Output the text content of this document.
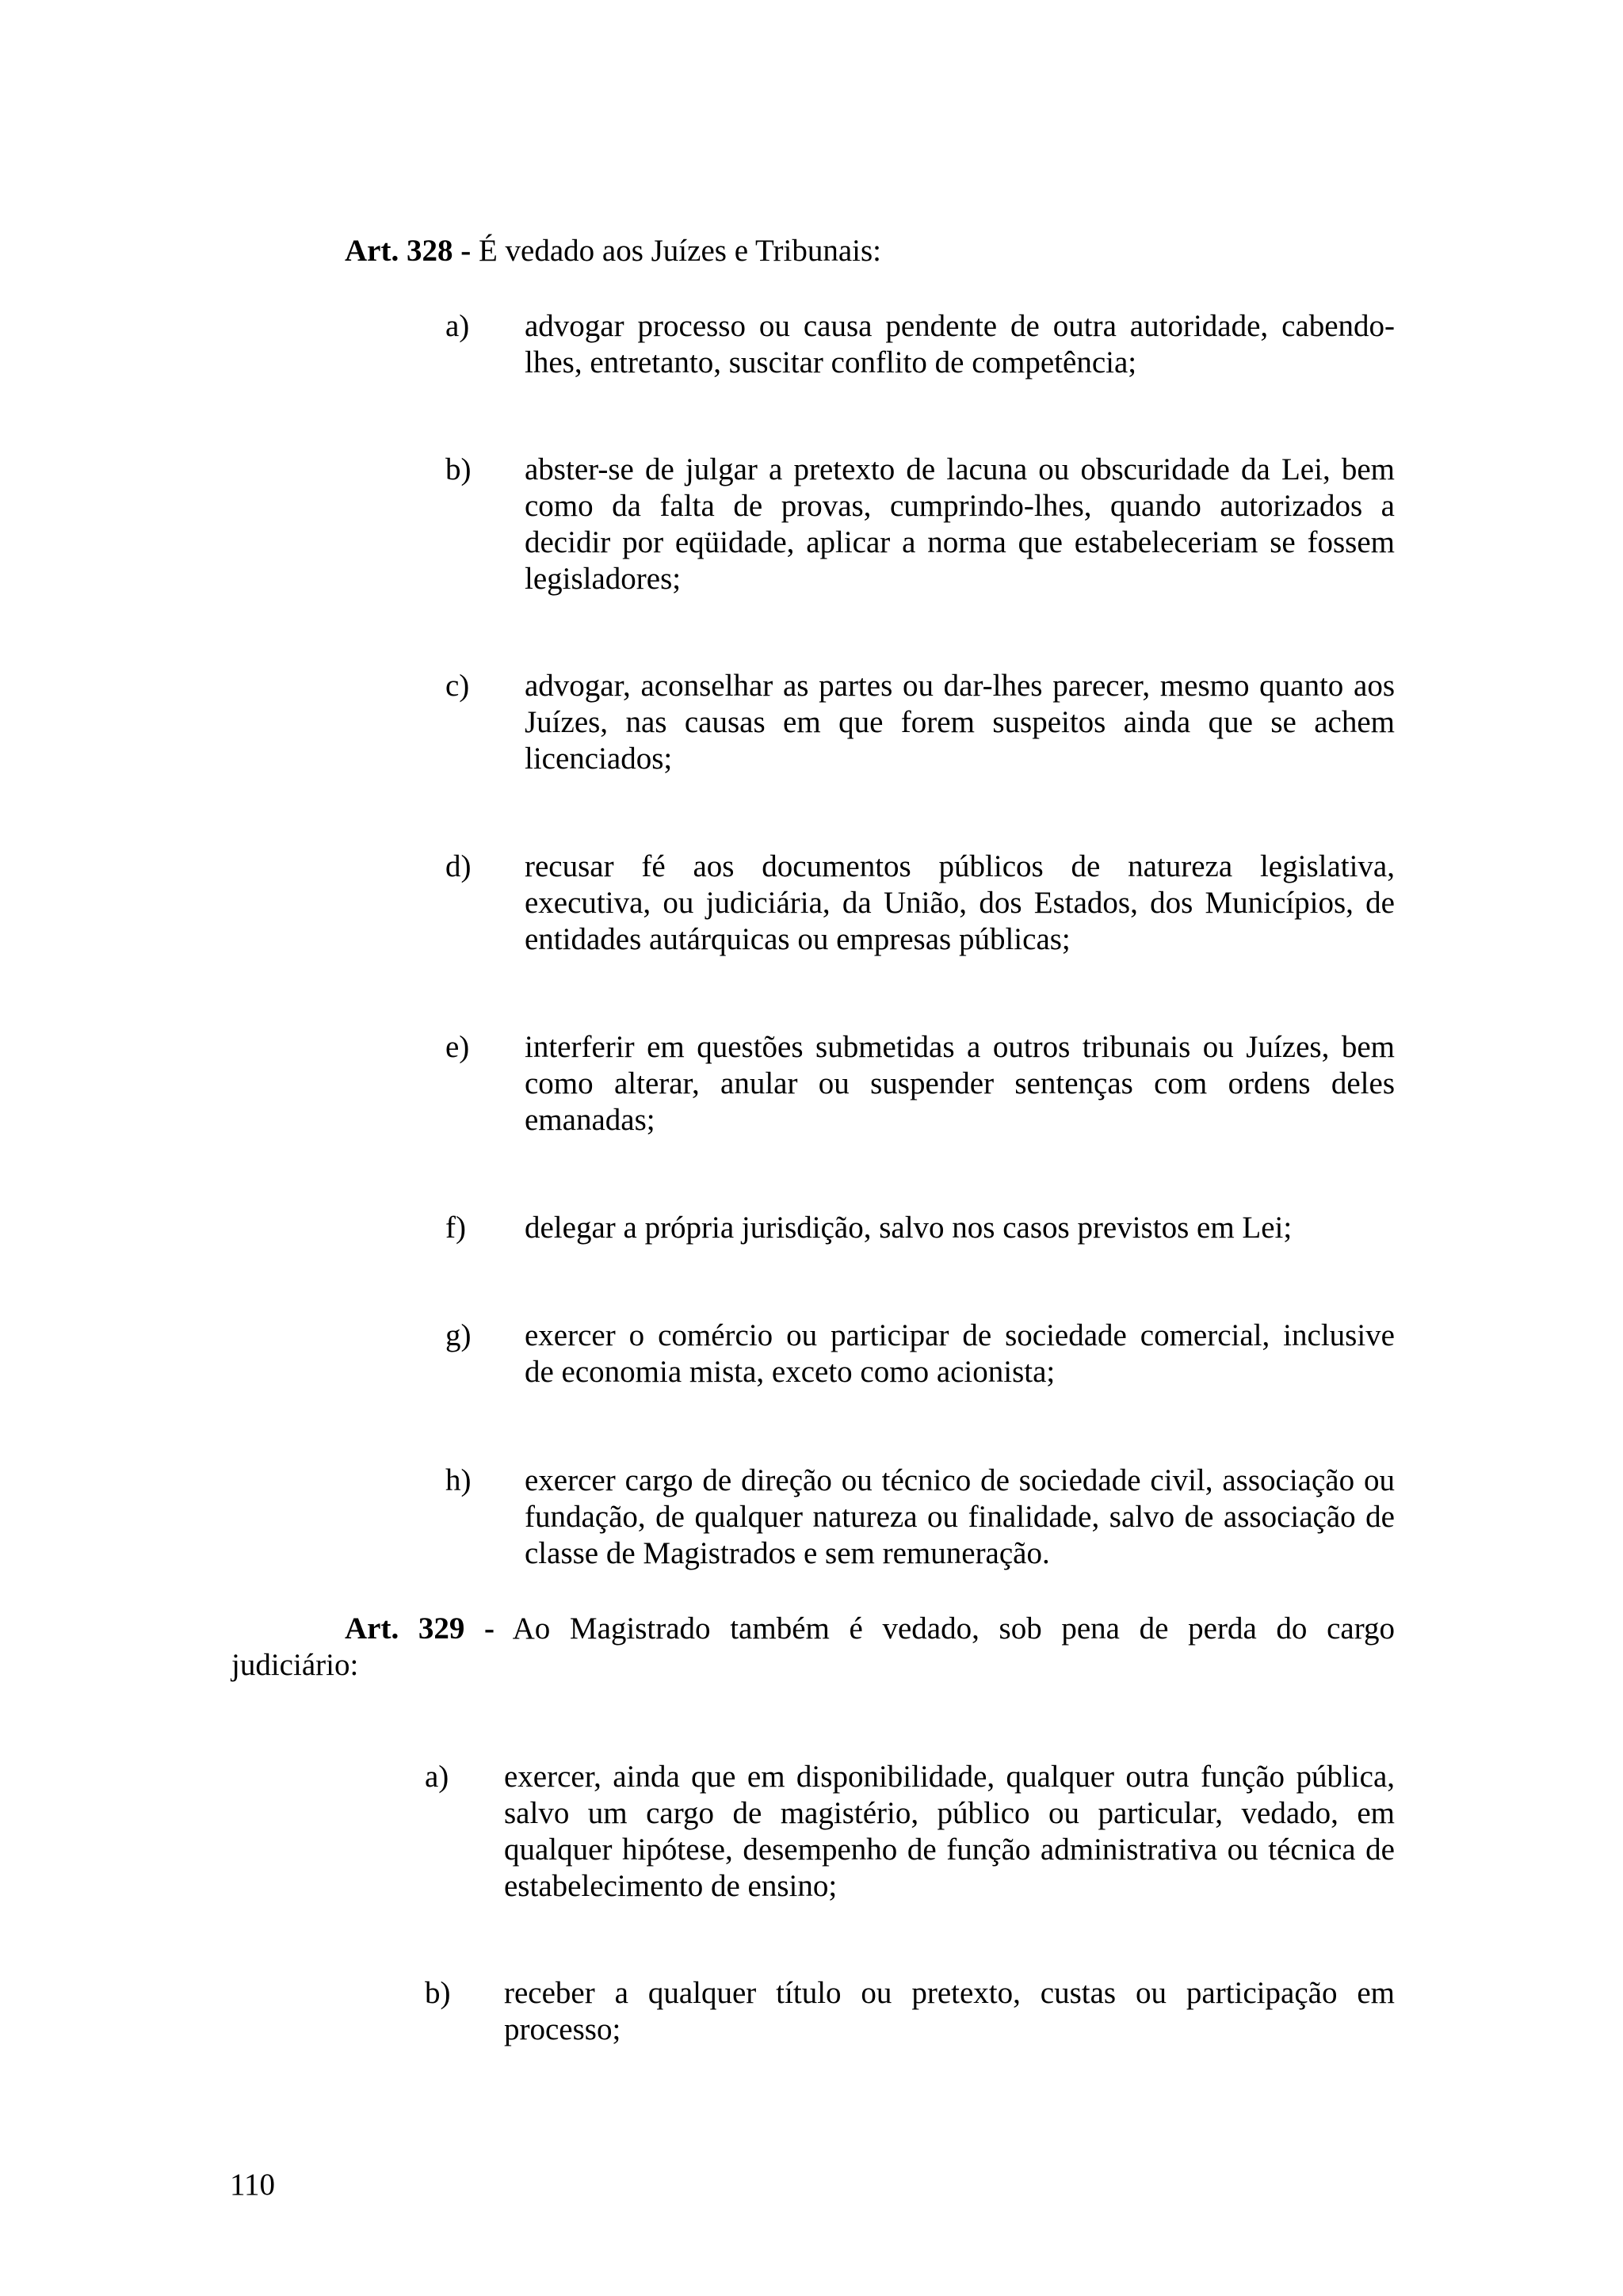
Art. 328 - É vedado aos Juízes e Tribunais:
a) advogar processo ou causa pendente de outra autoridade, cabendo-
lhes, entretanto, suscitar conflito de competência;
b) abster-se de julgar a pretexto de lacuna ou obscuridade da Lei, bem
como da falta de provas, cumprindo-lhes, quando autorizados a
decidir por eqüidade, aplicar a norma que estabeleceriam se fossem
legisladores;
c) advogar, aconselhar as partes ou dar-lhes parecer, mesmo quanto aos
Juízes, nas causas em que forem suspeitos ainda que se achem
licenciados;
d) recusar fé aos documentos públicos de natureza legislativa,
executiva, ou judiciária, da União, dos Estados, dos Municípios, de
entidades autárquicas ou empresas públicas;
e) interferir em questões submetidas a outros tribunais ou Juízes, bem
como alterar, anular ou suspender sentenças com ordens deles
emanadas;
f) delegar a própria jurisdição, salvo nos casos previstos em Lei;
g) exercer o comércio ou participar de sociedade comercial, inclusive
de economia mista, exceto como acionista;
h) exercer cargo de direção ou técnico de sociedade civil, associação ou
fundação, de qualquer natureza ou finalidade, salvo de associação de
classe de Magistrados e sem remuneração.
Art. 329 - Ao Magistrado também é vedado, sob pena de perda do cargo
judiciário:
a) exercer, ainda que em disponibilidade, qualquer outra função pública,
salvo um cargo de magistério, público ou particular, vedado, em
qualquer hipótese, desempenho de função administrativa ou técnica de
estabelecimento de ensino;
b) receber a qualquer título ou pretexto, custas ou participação em
processo;
110
